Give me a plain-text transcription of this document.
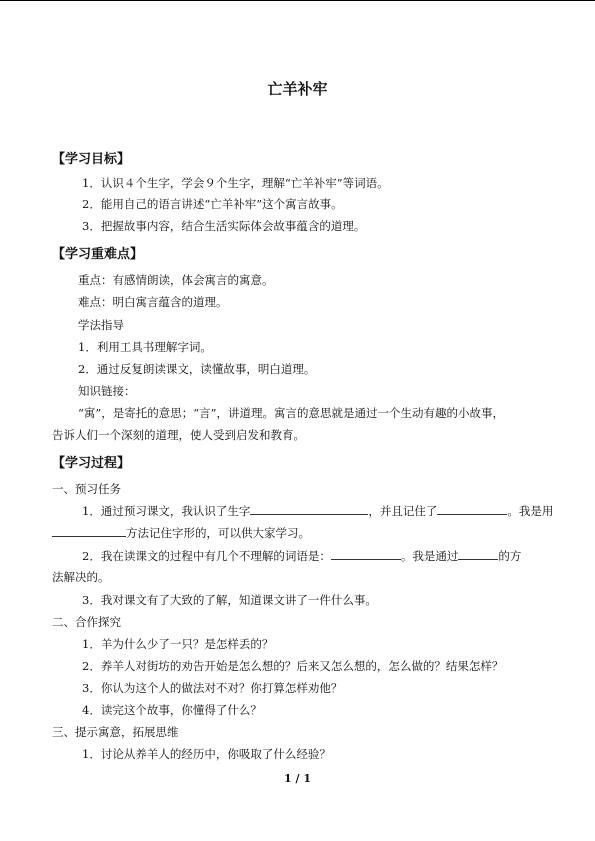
亡羊补牢
【学习目标】
1．认识４个生字，学会９个生字，理解“亡羊补牢”等词语。
2．能用自己的语言讲述“亡羊补牢”这个寓言故事。
3．把握故事内容，结合生活实际体会故事蕴含的道理。
【学习重难点】
重点：有感情朗读，体会寓言的寓意。
难点：明白寓言蕴含的道理。
学法指导
1．利用工具书理解字词。
2．通过反复朗读课文，读懂故事，明白道理。
知识链接：
“寓”，是寄托的意思；“言”，讲道理。寓言的意思就是通过一个生动有趣的小故事，
告诉人们一个深刻的道理，使人受到启发和教育。
【学习过程】
一、预习任务
1．通过预习课文，我认识了生字	，并且记住了	。我是用
方法记住字形的，可以供大家学习。
2．我在读课文的过程中有几个不理解的词语是：	。我是通过	的方
法解决的。
3．我对课文有了大致的了解，知道课文讲了一件什么事。
二、合作探究
1．羊为什么少了一只？是怎样丢的？
2．养羊人对街坊的劝告开始是怎么想的？后来又怎么想的，怎么做的？结果怎样？
3．你认为这个人的做法对不对？你打算怎样劝他？
4．读完这个故事，你懂得了什么？
三、提示寓意，拓展思维
1．讨论从养羊人的经历中，你吸取了什么经验？
1 / 1
